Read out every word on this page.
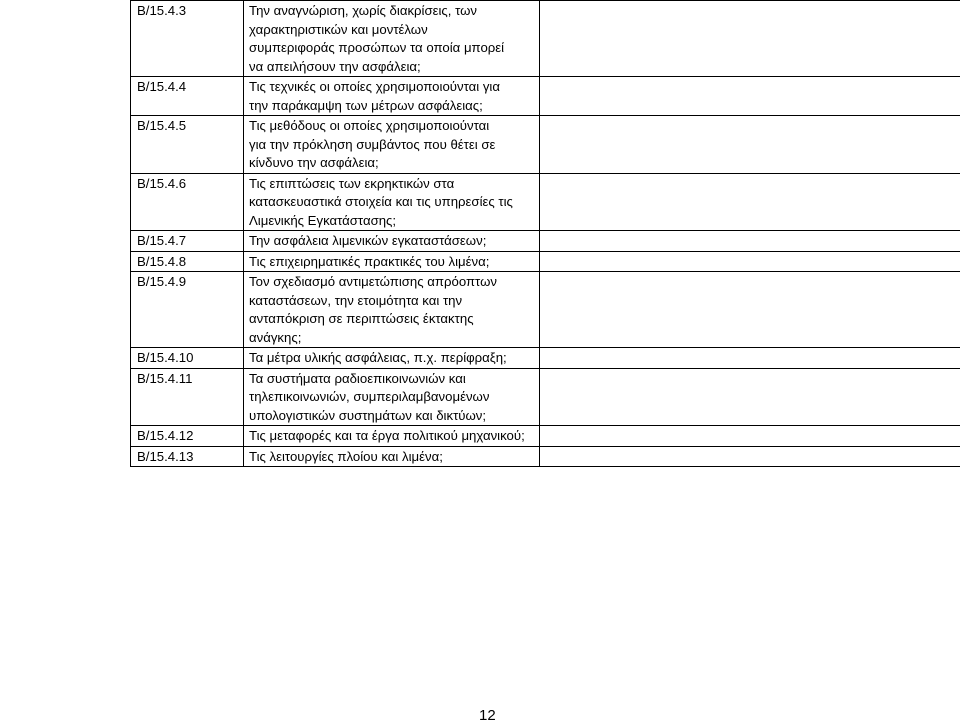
B/15.4.3	Την αναγνώριση, χωρίς διακρίσεις, των
χαρακτηριστικών και μοντέλων
συμπεριφοράς προσώπων τα οποία μπορεί
να απειλήσουν την ασφάλεια;	

B/15.4.4	Τις τεχνικές οι οποίες χρησιμοποιούνται για
την παράκαμψη των μέτρων ασφάλειας;	

B/15.4.5	Τις μεθόδους οι οποίες χρησιμοποιούνται
για την πρόκληση συμβάντος που θέτει σε
κίνδυνο την ασφάλεια;	

B/15.4.6	Τις επιπτώσεις των εκρηκτικών στα
κατασκευαστικά στοιχεία και τις υπηρεσίες τις
Λιμενικής Εγκατάστασης;	

B/15.4.7	Την ασφάλεια λιμενικών εγκαταστάσεων;	

B/15.4.8	Τις επιχειρηματικές πρακτικές του λιμένα;	

B/15.4.9	Τον σχεδιασμό αντιμετώπισης απρόοπτων
καταστάσεων, την ετοιμότητα και την
ανταπόκριση σε περιπτώσεις έκτακτης
ανάγκης;	

B/15.4.10	Τα μέτρα υλικής ασφάλειας, π.χ. περίφραξη;	

B/15.4.11	Τα συστήματα ραδιοεπικοινωνιών και
τηλεπικοινωνιών, συμπεριλαμβανομένων
υπολογιστικών συστημάτων και δικτύων;	

B/15.4.12	Τις μεταφορές και τα έργα πολιτικού μηχανικού;	

B/15.4.13	Τις λειτουργίες πλοίου και λιμένα;	

12
